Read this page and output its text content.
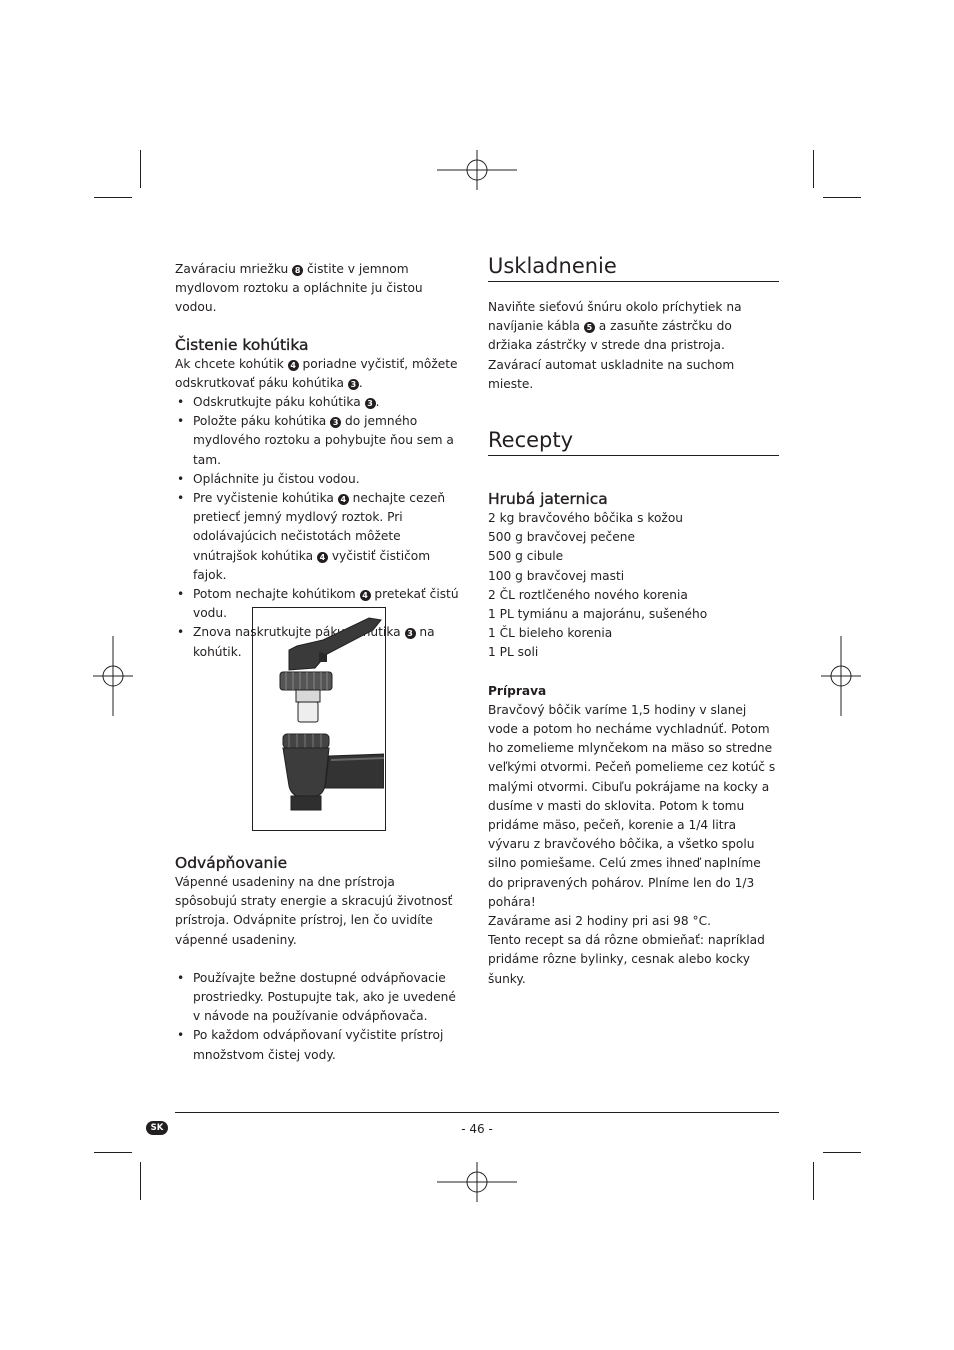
Zaváraciu mriežku 8 čistite v jemnom mydlovom roztoku a opláchnite ju čistou vodou.

Čistenie kohútika

Ak chcete kohútik 4 poriadne vyčistiť, môžete odskrutkovať páku kohútika 3 .

• Odskrutkujte páku kohútika 3 .
• Položte páku kohútika 3 do jemného mydlového roztoku a pohybujte ňou sem a tam.
• Opláchnite ju čistou vodou.
• Pre vyčistenie kohútika 4 nechajte cezeň pretiecť jemný mydlový roztok. Pri odolávajúcich nečistotách môžete vnútrajšok kohútika 4 vyčistiť čističom fajok.
• Potom nechajte kohútikom 4 pretekať čistú vodu.
• Znova naskrutkujte páku kohútika 3 na kohútik.
Odvápňovanie

Vápenné usadeniny na dne prístroja spôsobujú straty energie a skracujú životnosť prístroja. Odvápnite prístroj, len čo uvidíte vápenné usadeniny.

• Používajte bežne dostupné odvápňovacie prostriedky. Postupujte tak, ako je uvedené v návode na používanie odvápňovača.
• Po každom odvápňovaní vyčistite prístroj množstvom čistej vody.
Uskladnenie

Naviňte sieťovú šnúru okolo príchytiek na navíjanie kábla 5 a zasuňte zástrčku do držiaka zástrčky v strede dna pristroja.

Zavárací automat uskladnite na suchom mieste.

Recepty
Hrubá jaternica

2 kg bravčového bôčika s kožou

500 g bravčovej pečene

500 g cibule

100 g bravčovej masti

2 ČL roztlčeného nového korenia

1 PL tymiánu a majoránu, sušeného

1 ČL bieleho korenia

1 PL soli

Príprava

Bravčový bôčik varíme 1,5 hodiny v slanej vode a potom ho necháme vychladnúť. Potom ho zomelieme mlynčekom na mäso so stredne veľkými otvormi. Pečeň pomelieme cez kotúč s malými otvormi. Cibuľu pokrájame na kocky a dusíme v masti do sklovita. Potom k tomu pridáme mäso, pečeň, korenie a 1/4 litra vývaru z bravčového bôčika, a všetko spolu silno pomiešame. Celú zmes ihneď naplníme do pripravených pohárov. Plníme len do 1/3 pohára!

Zavárame asi 2 hodiny pri asi 98 °C.

Tento recept sa dá rôzne obmieňať: napríklad pridáme rôzne bylinky, cesnak alebo kocky šunky.

SK	- 46 -
